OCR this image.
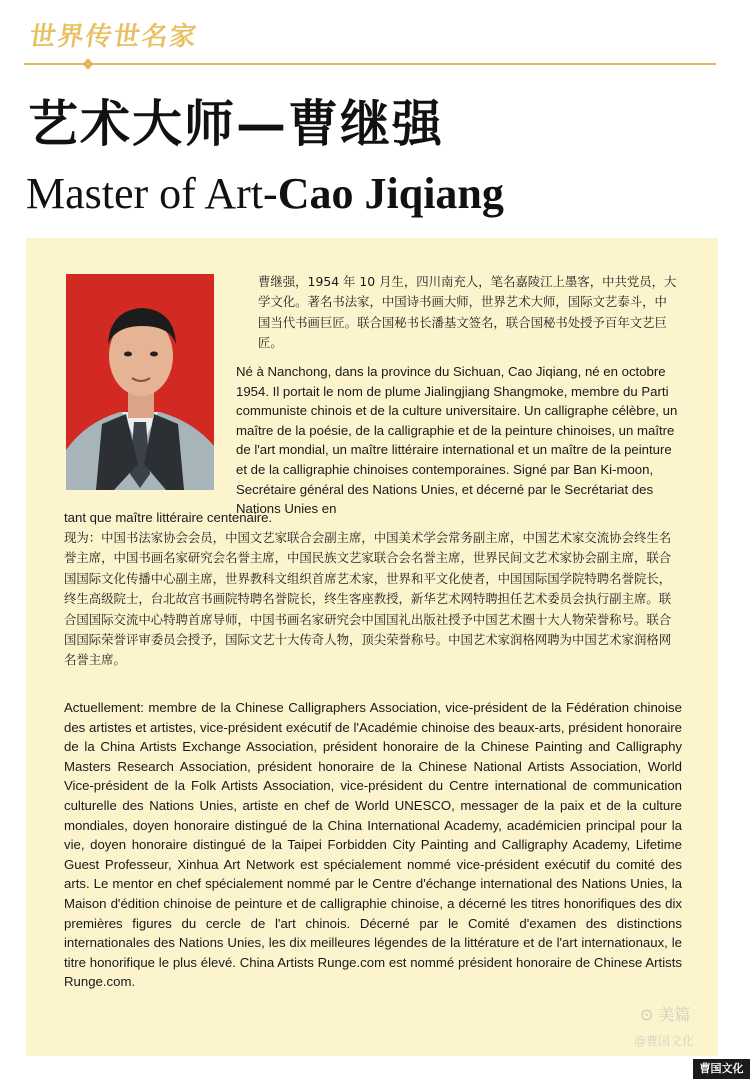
世界传世名家
艺术大师—曹继强
Master of Art-Cao Jiqiang

曹继强，1954 年 10 月生，四川南充人，笔名嘉陵江上墨客，中共党员，大学文化。著名书法家，中国诗书画大师，世界艺术大师，国际文艺泰斗，中国当代书画巨匠。联合国秘书长潘基文签名，联合国秘书处授予百年文艺巨匠。

Né à Nanchong, dans la province du Sichuan, Cao Jiqiang, né en octobre 1954. Il portait le nom de plume Jialingjiang Shangmoke, membre du Parti communiste chinois et de la culture universitaire. Un calligraphe célèbre, un maître de la poésie, de la calligraphie et de la peinture chinoises, un maître de l'art mondial, un maître littéraire international et un maître de la peinture et de la calligraphie chinoises contemporaines. Signé par Ban Ki-moon, Secrétaire général des Nations Unies, et décerné par le Secrétariat des Nations Unies en

tant que maître littéraire centenaire.

现为：中国书法家协会会员，中国文艺家联合会副主席，中国美术学会常务副主席，中国艺术家交流协会终生名誉主席，中国书画名家研究会名誉主席，中国民族文艺家联合会名誉主席，世界民间文艺术家协会副主席，联合国国际文化传播中心副主席，世界教科文组织首席艺术家，世界和平文化使者，中国国际国学院特聘名誉院长，终生高级院士，台北故宫书画院特聘名誉院长，终生客座教授，新华艺术网特聘担任艺术委员会执行副主席。联合国国际交流中心特聘首席导师，中国书画名家研究会中国国礼出版社授予中国艺术圈十大人物荣誉称号。联合国国际荣誉评审委员会授予，国际文艺十大传奇人物，顶尖荣誉称号。中国艺术家润格网聘为中国艺术家润格网名誉主席。

Actuellement: membre de la Chinese Calligraphers Association, vice-président de la Fédération chinoise des artistes et artistes, vice-président exécutif de l'Académie chinoise des beaux-arts, président honoraire de la China Artists Exchange Association, président honoraire de la Chinese Painting and Calligraphy Masters Research Association, président honoraire de la Chinese National Artists Association, World Vice-président de la Folk Artists Association, vice-président du Centre international de communication culturelle des Nations Unies, artiste en chef de World UNESCO, messager de la paix et de la culture mondiales, doyen honoraire distingué de la China International Academy, académicien principal pour la vie, doyen honoraire distingué de la Taipei Forbidden City Painting and Calligraphy Academy, Lifetime Guest Professeur, Xinhua Art Network est spécialement nommé vice-président exécutif du comité des arts. Le mentor en chef spécialement nommé par le Centre d'échange international des Nations Unies, la Maison d'édition chinoise de peinture et de calligraphie chinoise, a décerné les titres honorifiques des dix premières figures du cercle de l'art chinois. Décerné par le Comité d'examen des distinctions internationales des Nations Unies, les dix meilleures légendes de la littérature et de l'art internationaux, le titre honorifique le plus élevé. China Artists Runge.com est nommé président honoraire de Chinese Artists Runge.com.

⊙ 美篇
@曹国文化
曹国文化
